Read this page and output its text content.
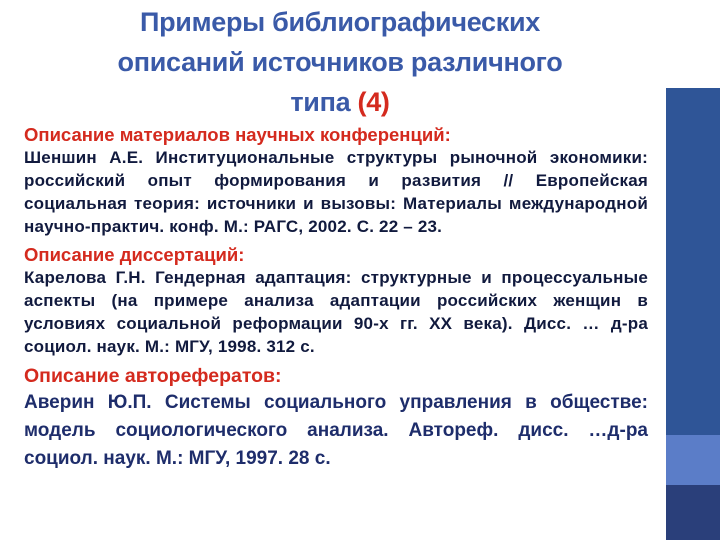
Примеры библиографических
описаний источников различного
типа (4)
Описание материалов научных конференций:
Шеншин А.Е. Институциональные структуры рыночной экономики: российский опыт формирования и развития // Европейская социальная теория: источники и вызовы: Материалы международной научно-практич. конф. М.: РАГС, 2002. С. 22 – 23.
Описание диссертаций:
Карелова Г.Н. Гендерная адаптация: структурные и процессуальные аспекты (на примере анализа адаптации российских женщин в условиях социальной реформации 90-х гг. XX века). Дисс. … д-ра социол. наук. М.: МГУ, 1998. 312 с.
Описание авторефератов:
Аверин Ю.П. Системы социального управления в обществе: модель социологического анализа. Автореф. дисс. …д-ра социол. наук. М.: МГУ, 1997. 28 с.
